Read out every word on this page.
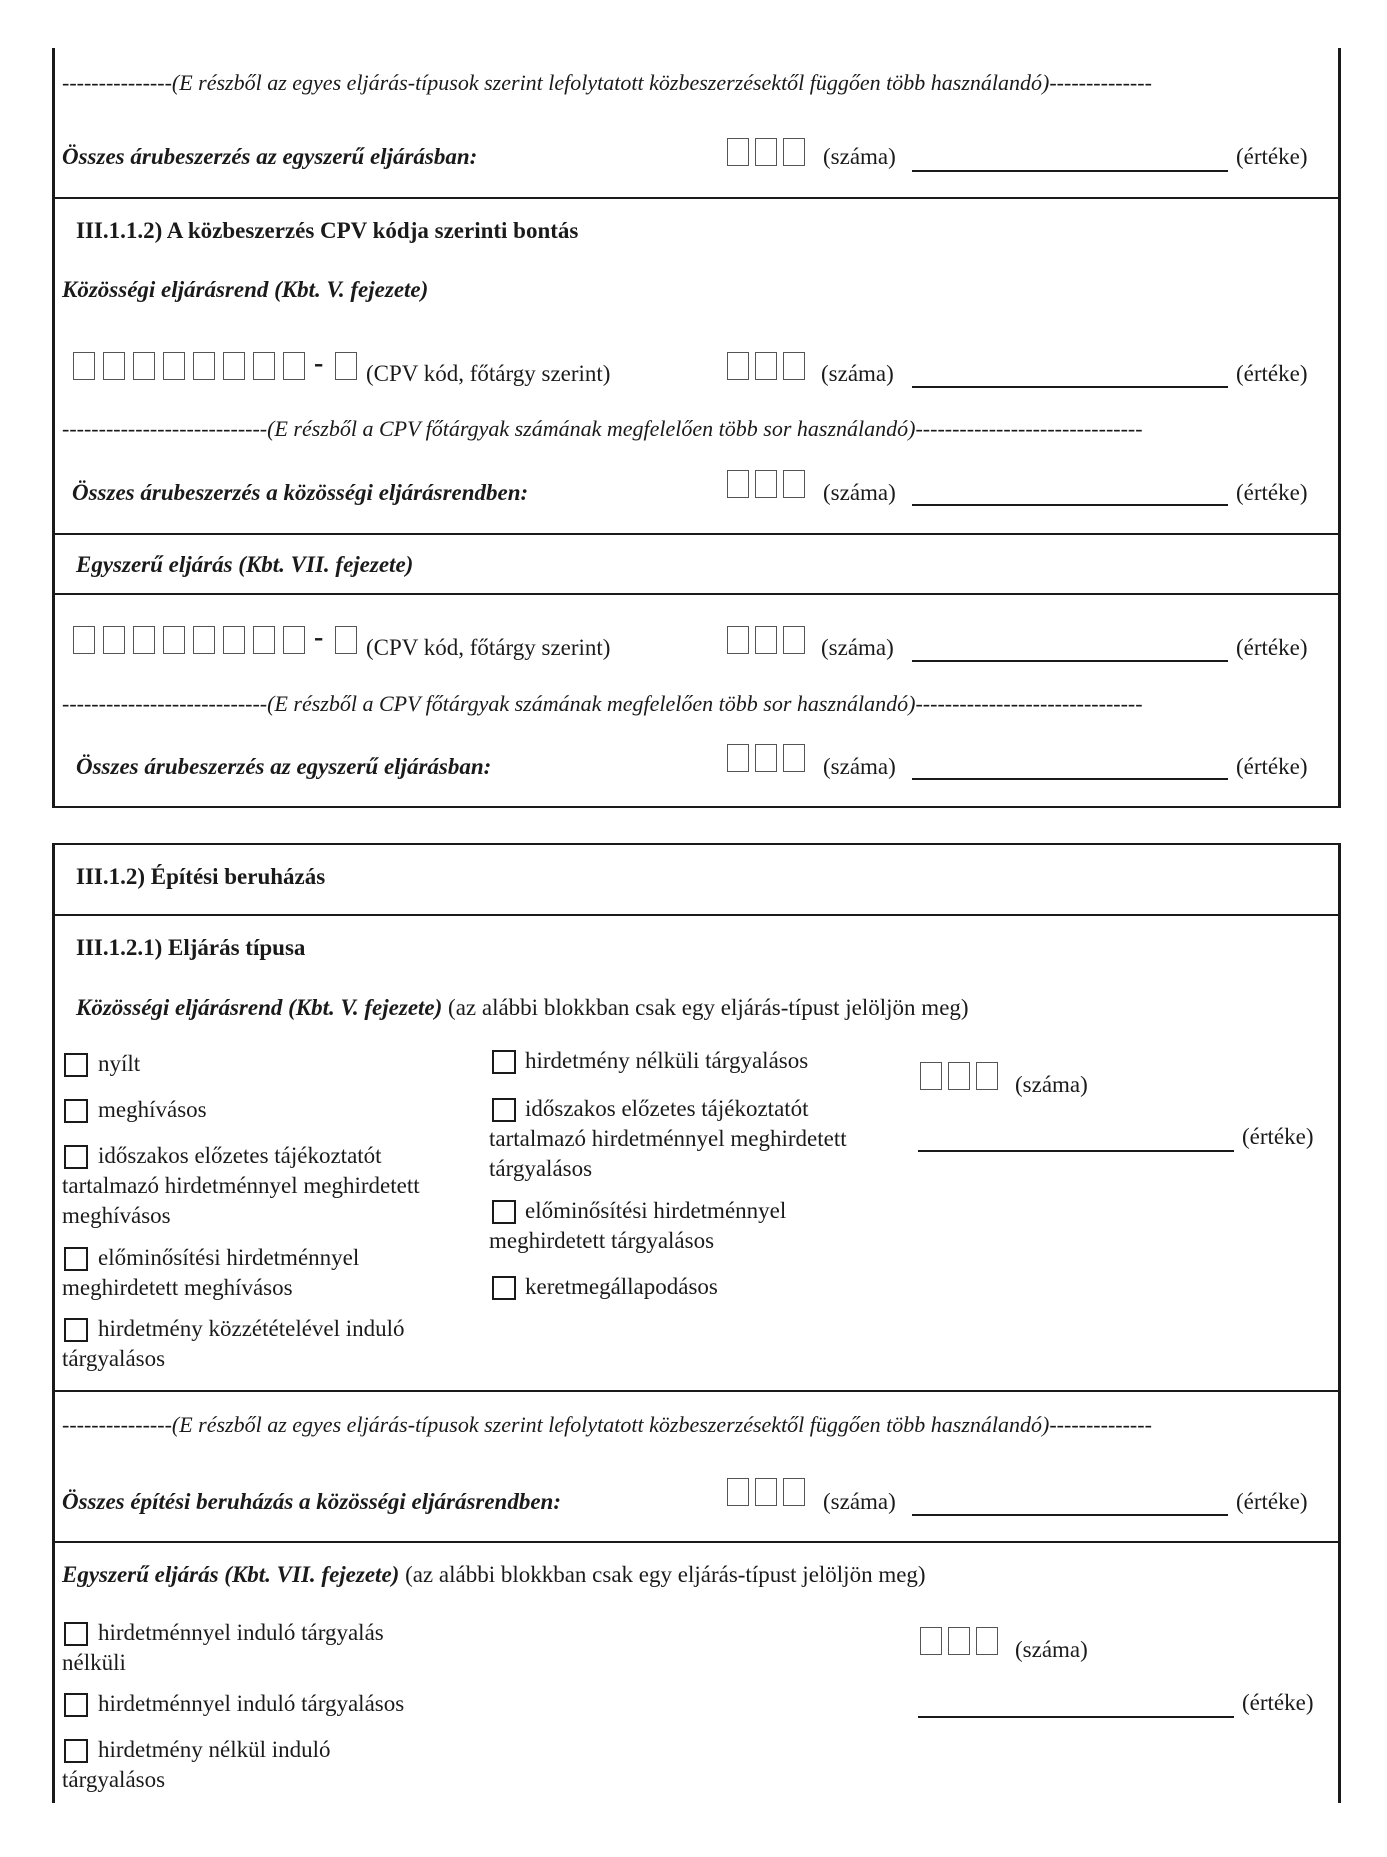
---------------(E részből az egyes eljárás-típusok szerint lefolytatott közbeszerzésektől függően több használandó)--------------
Összes árubeszerzés az egyszerű eljárásban:	(száma)	(értéke)
III.1.1.2) A közbeszerzés CPV kódja szerinti bontás
Közösségi eljárásrend (Kbt. V. fejezete)
- (CPV kód, főtárgy szerint)	(száma)	(értéke)
----------------------------(E részből a CPV főtárgyak számának megfelelően több sor használandó)-------------------------------
Összes árubeszerzés a közösségi eljárásrendben:	(száma)	(értéke)
Egyszerű eljárás (Kbt. VII. fejezete)
- (CPV kód, főtárgy szerint)	(száma)	(értéke)
----------------------------(E részből a CPV főtárgyak számának megfelelően több sor használandó)-------------------------------
Összes árubeszerzés az egyszerű eljárásban:	(száma)	(értéke)
III.1.2) Építési beruházás
III.1.2.1) Eljárás típusa
Közösségi eljárásrend (Kbt. V. fejezete) (az alábbi blokkban csak egy eljárás-típust jelöljön meg)
nyílt
meghívásos
időszakos előzetes tájékoztatót
tartalmazó hirdetménnyel meghirdetett
meghívásos
előminősítési hirdetménnyel
meghirdetett meghívásos
hirdetmény közzétételével induló
tárgyalásos
hirdetmény nélküli tárgyalásos
időszakos előzetes tájékoztatót
tartalmazó hirdetménnyel meghirdetett
tárgyalásos
előminősítési hirdetménnyel
meghirdetett tárgyalásos
keretmegállapodásos
(száma)
(értéke)
---------------(E részből az egyes eljárás-típusok szerint lefolytatott közbeszerzésektől függően több használandó)--------------
Összes építési beruházás a közösségi eljárásrendben:	(száma)	(értéke)
Egyszerű eljárás (Kbt. VII. fejezete) (az alábbi blokkban csak egy eljárás-típust jelöljön meg)
hirdetménnyel induló tárgyalás
nélküli
hirdetménnyel induló tárgyalásos
hirdetmény nélkül induló
tárgyalásos
(száma)
(értéke)
